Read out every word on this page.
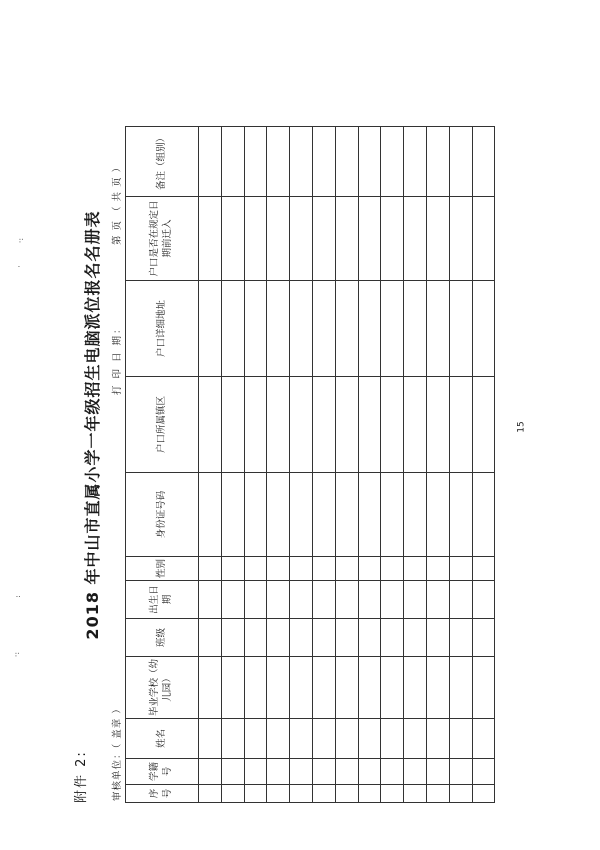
附件 2:
2018 年中山市直属小学一年级招生电脑派位报名名册表
审核单位：（ 盖章 ）
打 印 日 期：
第 页 （ 共 页 ）
序号	学籍号	姓名	毕业学校（幼儿园）	班级	出生日期	性别	身份证号码	户口所属镇区	户口详细地址	户口是否在规定日期前迁入	备注（组别）

15
·:
:
·
·:
